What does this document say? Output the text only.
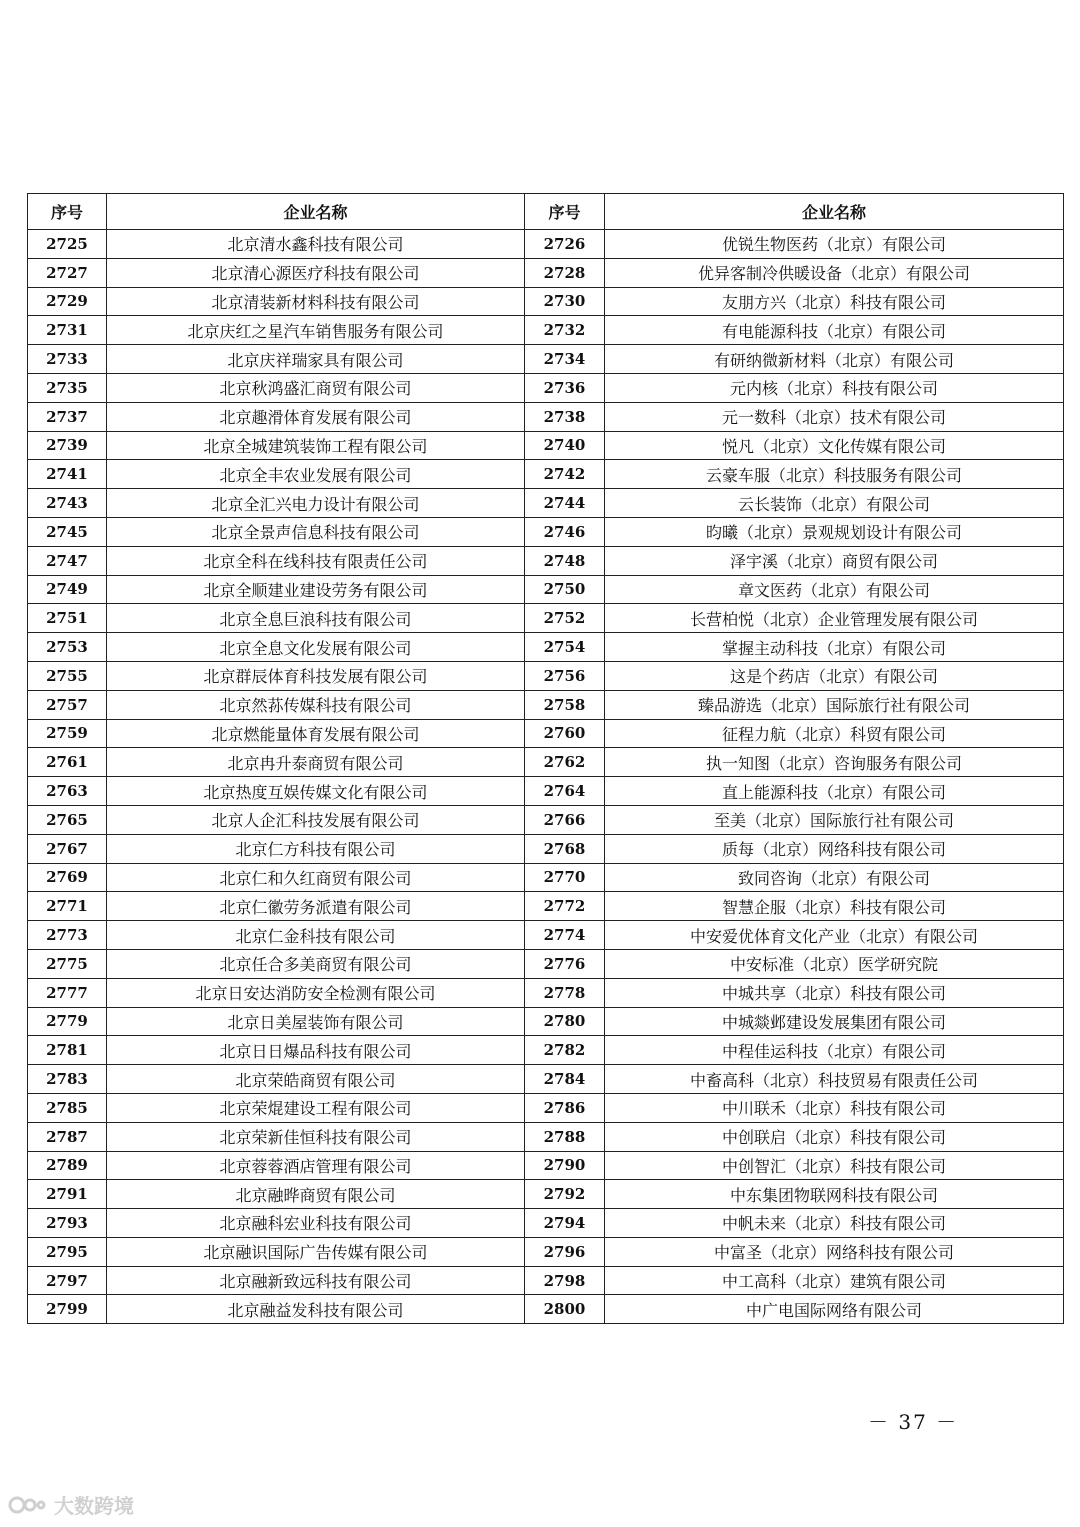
序号	企业名称	序号	企业名称
2725	北京清水鑫科技有限公司	2726	优锐生物医药（北京）有限公司
2727	北京清心源医疗科技有限公司	2728	优异客制冷供暖设备（北京）有限公司
2729	北京清装新材料科技有限公司	2730	友朋方兴（北京）科技有限公司
2731	北京庆红之星汽车销售服务有限公司	2732	有电能源科技（北京）有限公司
2733	北京庆祥瑞家具有限公司	2734	有研纳微新材料（北京）有限公司
2735	北京秋鸿盛汇商贸有限公司	2736	元内核（北京）科技有限公司
2737	北京趣滑体育发展有限公司	2738	元一数科（北京）技术有限公司
2739	北京全城建筑装饰工程有限公司	2740	悦凡（北京）文化传媒有限公司
2741	北京全丰农业发展有限公司	2742	云豪车服（北京）科技服务有限公司
2743	北京全汇兴电力设计有限公司	2744	云长装饰（北京）有限公司
2745	北京全景声信息科技有限公司	2746	昀曦（北京）景观规划设计有限公司
2747	北京全科在线科技有限责任公司	2748	泽宇溪（北京）商贸有限公司
2749	北京全顺建业建设劳务有限公司	2750	章文医药（北京）有限公司
2751	北京全息巨浪科技有限公司	2752	长营柏悦（北京）企业管理发展有限公司
2753	北京全息文化发展有限公司	2754	掌握主动科技（北京）有限公司
2755	北京群辰体育科技发展有限公司	2756	这是个药店（北京）有限公司
2757	北京然荪传媒科技有限公司	2758	臻品游选（北京）国际旅行社有限公司
2759	北京燃能量体育发展有限公司	2760	征程力航（北京）科贸有限公司
2761	北京冉升泰商贸有限公司	2762	执一知图（北京）咨询服务有限公司
2763	北京热度互娱传媒文化有限公司	2764	直上能源科技（北京）有限公司
2765	北京人企汇科技发展有限公司	2766	至美（北京）国际旅行社有限公司
2767	北京仁方科技有限公司	2768	质每（北京）网络科技有限公司
2769	北京仁和久红商贸有限公司	2770	致同咨询（北京）有限公司
2771	北京仁徽劳务派遣有限公司	2772	智慧企服（北京）科技有限公司
2773	北京仁金科技有限公司	2774	中安爱优体育文化产业（北京）有限公司
2775	北京任合多美商贸有限公司	2776	中安标准（北京）医学研究院
2777	北京日安达消防安全检测有限公司	2778	中城共享（北京）科技有限公司
2779	北京日美屋装饰有限公司	2780	中城燚邺建设发展集团有限公司
2781	北京日日爆品科技有限公司	2782	中程佳运科技（北京）有限公司
2783	北京荣皓商贸有限公司	2784	中畜高科（北京）科技贸易有限责任公司
2785	北京荣焜建设工程有限公司	2786	中川联禾（北京）科技有限公司
2787	北京荣新佳恒科技有限公司	2788	中创联启（北京）科技有限公司
2789	北京蓉蓉酒店管理有限公司	2790	中创智汇（北京）科技有限公司
2791	北京融晔商贸有限公司	2792	中东集团物联网科技有限公司
2793	北京融科宏业科技有限公司	2794	中帆未来（北京）科技有限公司
2795	北京融识国际广告传媒有限公司	2796	中富圣（北京）网络科技有限公司
2797	北京融新致远科技有限公司	2798	中工高科（北京）建筑有限公司
2799	北京融益发科技有限公司	2800	中广电国际网络有限公司
－ 37 －
大数跨境
